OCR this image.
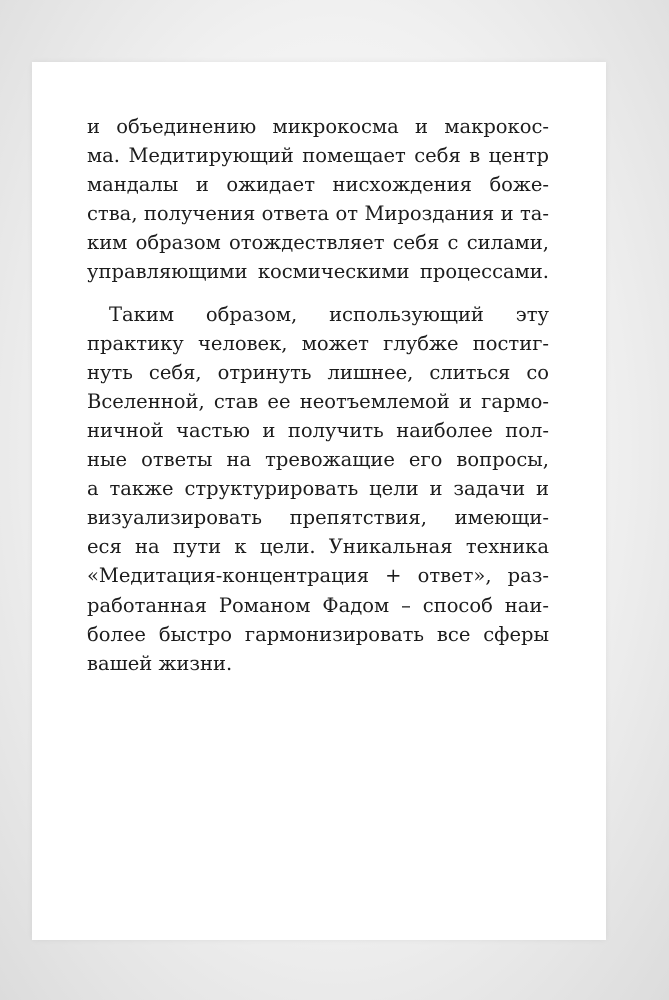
и объединению микрокосма и макрокос-
ма. Медитирующий помещает себя в центр
мандалы и ожидает нисхождения боже-
ства, получения ответа от Мироздания и та-
ким образом отождествляет себя с силами,
управляющими космическими процессами.
Таким образом, использующий эту
практику человек, может глубже постиг-
нуть себя, отринуть лишнее, слиться со
Вселенной, став ее неотъемлемой и гармо-
ничной частью и получить наиболее пол-
ные ответы на тревожащие его вопросы,
а также структурировать цели и задачи и
визуализировать препятствия, имеющи-
еся на пути к цели. Уникальная техника
«Медитация-концентрация + ответ», раз-
работанная Романом Фадом – способ наи-
более быстро гармонизировать все сферы
вашей жизни.
